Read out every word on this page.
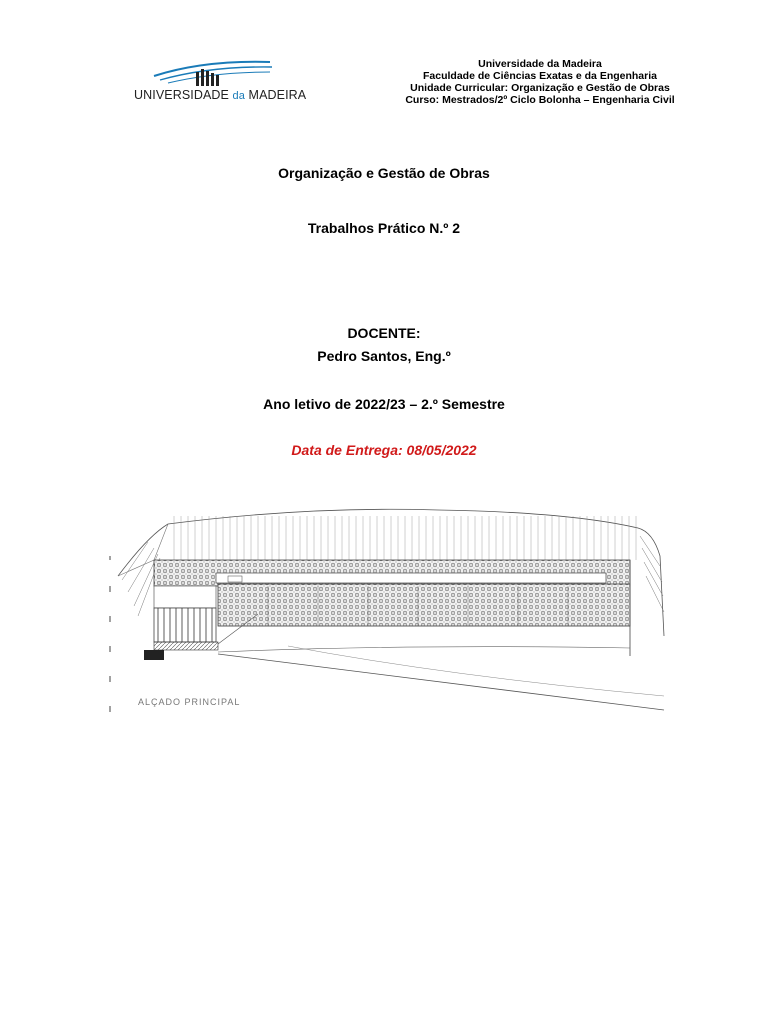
UNIVERSIDADE da MADEIRA
Universidade da Madeira
Faculdade de Ciências Exatas e da Engenharia
Unidade Curricular: Organização e Gestão de Obras
Curso: Mestrados/2º Ciclo Bolonha – Engenharia Civil
Organização e Gestão de Obras
Trabalhos Prático N.º 2
DOCENTE:
Pedro Santos, Eng.º
Ano letivo de 2022/23 – 2.º Semestre
Data de Entrega: 08/05/2022
ALÇADO PRINCIPAL
